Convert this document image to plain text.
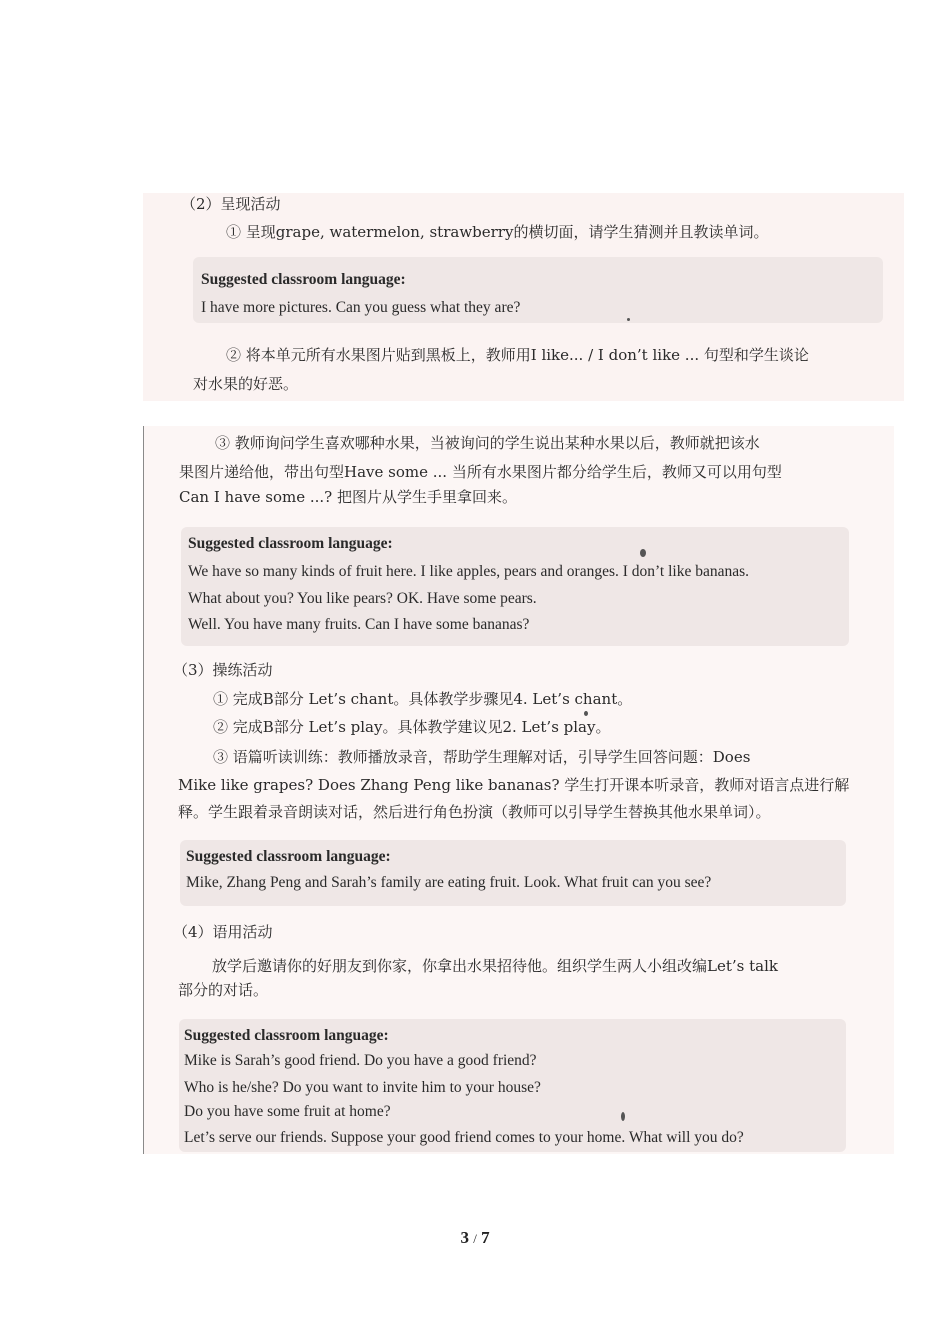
（2）呈现活动
① 呈现grape, watermelon, strawberry的横切面，请学生猜测并且教读单词。
Suggested classroom language:
I have more pictures. Can you guess what they are?
② 将本单元所有水果图片贴到黑板上，教师用I like... / I don’t like ... 句型和学生谈论
对水果的好恶。
③ 教师询问学生喜欢哪种水果，当被询问的学生说出某种水果以后，教师就把该水
果图片递给他，带出句型Have some ... 当所有水果图片都分给学生后，教师又可以用句型
Can I have some ...? 把图片从学生手里拿回来。
Suggested classroom language:
We have so many kinds of fruit here. I like apples, pears and oranges. I don’t like bananas.
What about you? You like pears? OK. Have some pears.
Well. You have many fruits. Can I have some bananas?
（3）操练活动
① 完成B部分 Let’s chant。具体教学步骤见4. Let’s chant。
② 完成B部分 Let’s play。具体教学建议见2. Let’s play。
③ 语篇听读训练：教师播放录音，帮助学生理解对话，引导学生回答问题：Does
Mike like grapes? Does Zhang Peng like bananas? 学生打开课本听录音，教师对语言点进行解
释。学生跟着录音朗读对话，然后进行角色扮演（教师可以引导学生替换其他水果单词）。
Suggested classroom language:
Mike, Zhang Peng and Sarah’s family are eating fruit. Look. What fruit can you see?
（4）语用活动
放学后邀请你的好朋友到你家，你拿出水果招待他。组织学生两人小组改编Let’s talk
部分的对话。
Suggested classroom language:
Mike is Sarah’s good friend. Do you have a good friend?
Who is he/she? Do you want to invite him to your house?
Do you have some fruit at home?
Let’s serve our friends. Suppose your good friend comes to your home. What will you do?
3 / 7
